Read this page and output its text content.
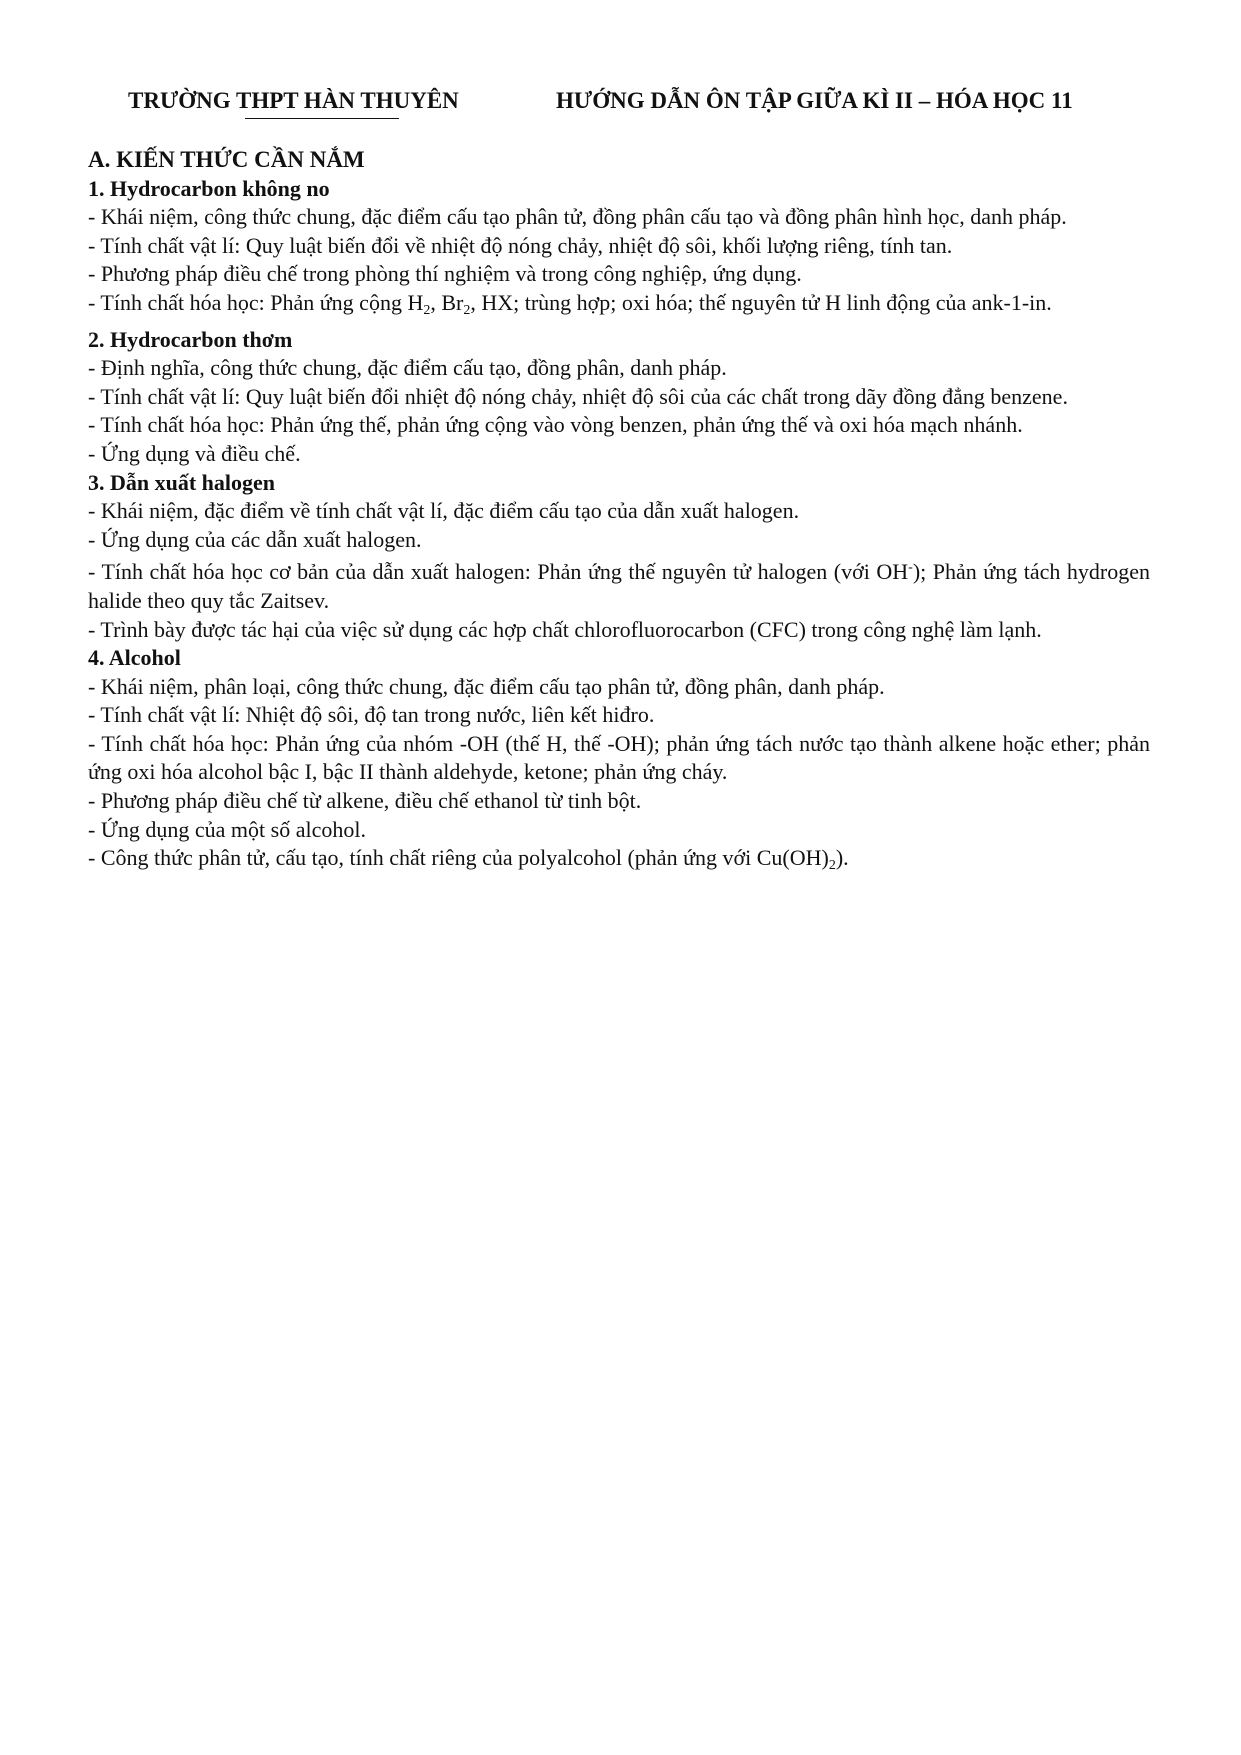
TRƯỜNG THPT HÀN THUYÊN	HƯỚNG DẪN ÔN TẬP GIỮA KÌ II – HÓA HỌC 11
A. KIẾN THỨC CẦN NẮM
1. Hydrocarbon không no
- Khái niệm, công thức chung, đặc điểm cấu tạo phân tử, đồng phân cấu tạo và đồng phân hình học, danh pháp.
- Tính chất vật lí: Quy luật biến đổi về nhiệt độ nóng chảy, nhiệt độ sôi, khối lượng riêng, tính tan.
- Phương pháp điều chế trong phòng thí nghiệm và trong công nghiệp, ứng dụng.
- Tính chất hóa học: Phản ứng cộng $H_2$, $Br_2$, HX; trùng hợp; oxi hóa; thế nguyên tử H linh động của ank-1-in.
2. Hydrocarbon thơm
- Định nghĩa, công thức chung, đặc điểm cấu tạo, đồng phân, danh pháp.
- Tính chất vật lí: Quy luật biến đổi nhiệt độ nóng chảy, nhiệt độ sôi của các chất trong dãy đồng đẳng benzene.
- Tính chất hóa học: Phản ứng thế, phản ứng cộng vào vòng benzen, phản ứng thế và oxi hóa mạch nhánh.
- Ứng dụng và điều chế.
3. Dẫn xuất halogen
- Khái niệm, đặc điểm về tính chất vật lí, đặc điểm cấu tạo của dẫn xuất halogen.
- Ứng dụng của các dẫn xuất halogen.
- Tính chất hóa học cơ bản của dẫn xuất halogen: Phản ứng thế nguyên tử halogen (với OH-); Phản ứng tách hydrogen halide theo quy tắc Zaitsev.
- Trình bày được tác hại của việc sử dụng các hợp chất chlorofluorocarbon (CFC) trong công nghệ làm lạnh.
4. Alcohol
- Khái niệm, phân loại, công thức chung, đặc điểm cấu tạo phân tử, đồng phân, danh pháp.
- Tính chất vật lí: Nhiệt độ sôi, độ tan trong nước, liên kết hiđro.
- Tính chất hóa học: Phản ứng của nhóm -OH (thế H, thế -OH); phản ứng tách nước tạo thành alkene hoặc ether; phản ứng oxi hóa alcohol bậc I, bậc II thành aldehyde, ketone; phản ứng cháy.
- Phương pháp điều chế từ alkene, điều chế ethanol từ tinh bột.
- Ứng dụng của một số alcohol.
- Công thức phân tử, cấu tạo, tính chất riêng của polyalcohol (phản ứng với $Cu(OH)_2$).
